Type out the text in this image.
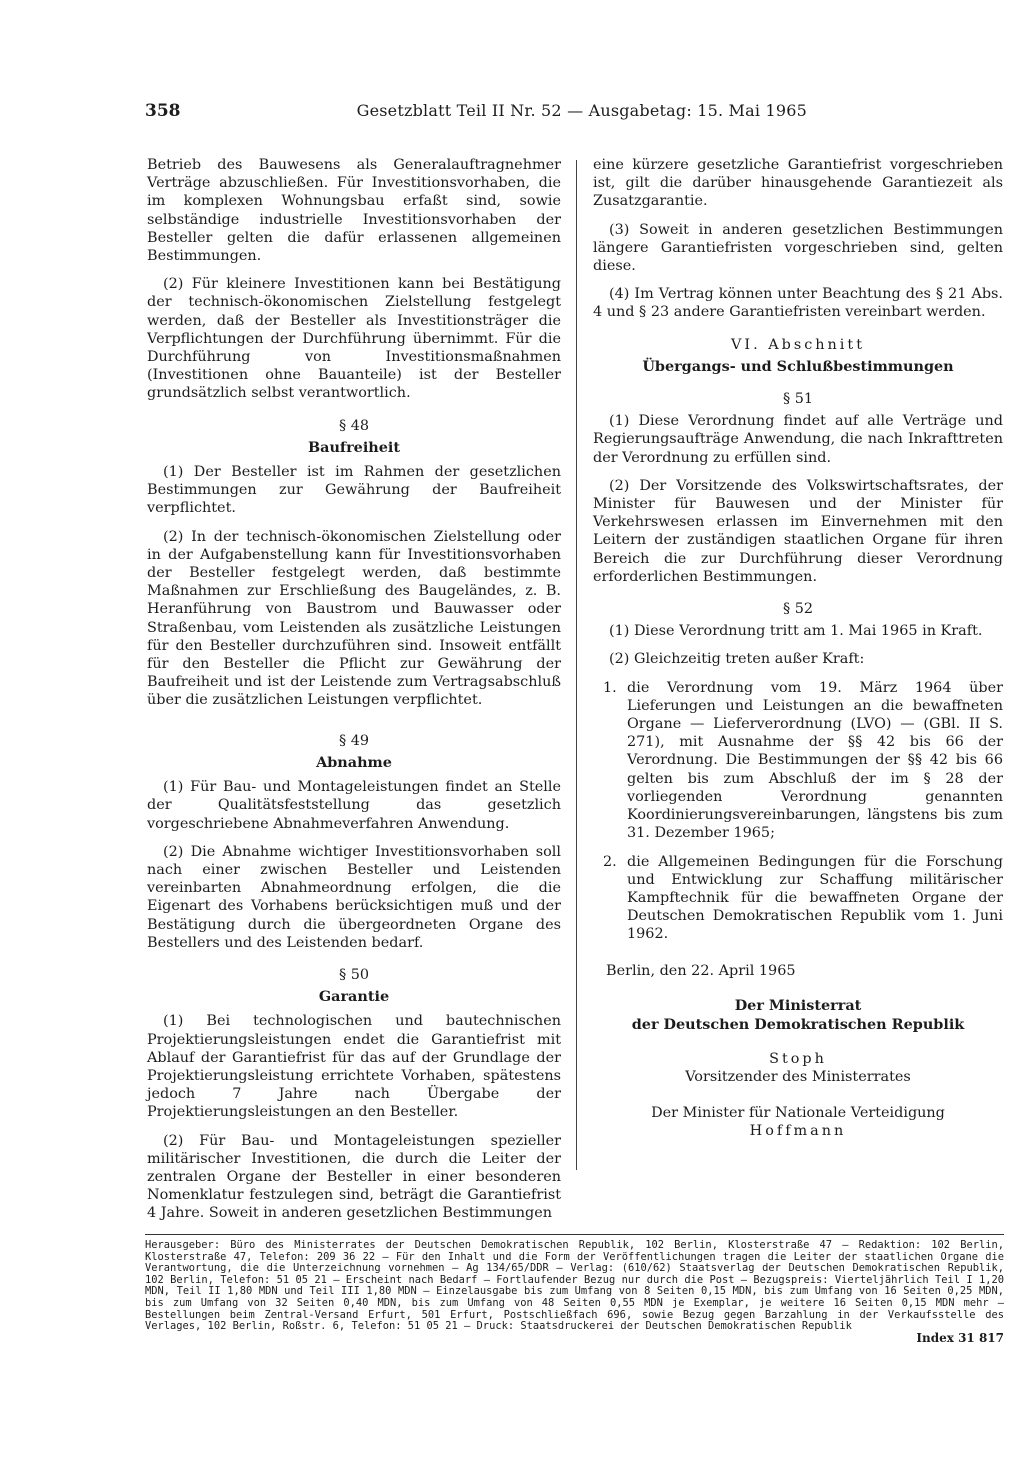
358	Gesetzblatt Teil II Nr. 52 — Ausgabetag: 15. Mai 1965

Betrieb des Bauwesens als Generalauftragnehmer Verträge abzuschließen. Für Investitionsvorhaben, die im komplexen Wohnungsbau erfaßt sind, sowie selbständige industrielle Investitionsvorhaben der Besteller gelten die dafür erlassenen allgemeinen Bestimmungen.

(2) Für kleinere Investitionen kann bei Bestätigung der technisch-ökonomischen Zielstellung festgelegt werden, daß der Besteller als Investitionsträger die Verpflichtungen der Durchführung übernimmt. Für die Durchführung von Investitionsmaßnahmen (Investitionen ohne Bauanteile) ist der Besteller grundsätzlich selbst verantwortlich.

§ 48
Baufreiheit

(1) Der Besteller ist im Rahmen der gesetzlichen Bestimmungen zur Gewährung der Baufreiheit verpflichtet.

(2) In der technisch-ökonomischen Zielstellung oder in der Aufgabenstellung kann für Investitionsvorhaben der Besteller festgelegt werden, daß bestimmte Maßnahmen zur Erschließung des Baugeländes, z. B. Heranführung von Baustrom und Bauwasser oder Straßenbau, vom Leistenden als zusätzliche Leistungen für den Besteller durchzuführen sind. Insoweit entfällt für den Besteller die Pflicht zur Gewährung der Baufreiheit und ist der Leistende zum Vertragsabschluß über die zusätzlichen Leistungen verpflichtet.

§ 49
Abnahme

(1) Für Bau- und Montageleistungen findet an Stelle der Qualitätsfeststellung das gesetzlich vorgeschriebene Abnahmeverfahren Anwendung.

(2) Die Abnahme wichtiger Investitionsvorhaben soll nach einer zwischen Besteller und Leistenden vereinbarten Abnahmeordnung erfolgen, die die Eigenart des Vorhabens berücksichtigen muß und der Bestätigung durch die übergeordneten Organe des Bestellers und des Leistenden bedarf.

§ 50
Garantie

(1) Bei technologischen und bautechnischen Projektierungsleistungen endet die Garantiefrist mit Ablauf der Garantiefrist für das auf der Grundlage der Projektierungsleistung errichtete Vorhaben, spätestens jedoch 7 Jahre nach Übergabe der Projektierungsleistungen an den Besteller.

(2) Für Bau- und Montageleistungen spezieller militärischer Investitionen, die durch die Leiter der zentralen Organe der Besteller in einer besonderen Nomenklatur festzulegen sind, beträgt die Garantiefrist 4 Jahre. Soweit in anderen gesetzlichen Bestimmungen

eine kürzere gesetzliche Garantiefrist vorgeschrieben ist, gilt die darüber hinausgehende Garantiezeit als Zusatzgarantie.

(3) Soweit in anderen gesetzlichen Bestimmungen längere Garantiefristen vorgeschrieben sind, gelten diese.

(4) Im Vertrag können unter Beachtung des § 21 Abs. 4 und § 23 andere Garantiefristen vereinbart werden.

VI. Abschnitt
Übergangs- und Schlußbestimmungen
§ 51

(1) Diese Verordnung findet auf alle Verträge und Regierungsaufträge Anwendung, die nach Inkrafttreten der Verordnung zu erfüllen sind.

(2) Der Vorsitzende des Volkswirtschaftsrates, der Minister für Bauwesen und der Minister für Verkehrswesen erlassen im Einvernehmen mit den Leitern der zuständigen staatlichen Organe für ihren Bereich die zur Durchführung dieser Verordnung erforderlichen Bestimmungen.

§ 52

(1) Diese Verordnung tritt am 1. Mai 1965 in Kraft.

(2) Gleichzeitig treten außer Kraft:

1. die Verordnung vom 19. März 1964 über Lieferungen und Leistungen an die bewaffneten Organe — Lieferverordnung (LVO) — (GBl. II S. 271), mit Ausnahme der §§ 42 bis 66 der Verordnung. Die Bestimmungen der §§ 42 bis 66 gelten bis zum Abschluß der im § 28 der vorliegenden Verordnung genannten Koordinierungsvereinbarungen, längstens bis zum 31. Dezember 1965;
2. die Allgemeinen Bedingungen für die Forschung und Entwicklung zur Schaffung militärischer Kampftechnik für die bewaffneten Organe der Deutschen Demokratischen Republik vom 1. Juni 1962.

Berlin, den 22. April 1965

Der Ministerrat

der Deutschen Demokratischen Republik

Stoph

Vorsitzender des Ministerrates

Der Minister für Nationale Verteidigung

Hoffmann

Herausgeber: Büro des Ministerrates der Deutschen Demokratischen Republik, 102 Berlin, Klosterstraße 47 — Redaktion: 102 Berlin, Klosterstraße 47, Telefon: 209 36 22 — Für den Inhalt und die Form der Veröffentlichungen tragen die Leiter der staatlichen Organe die Verantwortung, die die Unterzeichnung vornehmen — Ag 134/65/DDR — Verlag: (610/62) Staatsverlag der Deutschen Demokratischen Republik, 102 Berlin, Telefon: 51 05 21 — Erscheint nach Bedarf — Fortlaufender Bezug nur durch die Post — Bezugspreis: Vierteljährlich Teil I 1,20 MDN, Teil II 1,80 MDN und Teil III 1,80 MDN — Einzelausgabe bis zum Umfang von 8 Seiten 0,15 MDN, bis zum Umfang von 16 Seiten 0,25 MDN, bis zum Umfang von 32 Seiten 0,40 MDN, bis zum Umfang von 48 Seiten 0,55 MDN je Exemplar, je weitere 16 Seiten 0,15 MDN mehr — Bestellungen beim Zentral-Versand Erfurt, 501 Erfurt, Postschließfach 696, sowie Bezug gegen Barzahlung in der Verkaufsstelle des Verlages, 102 Berlin, Roßstr. 6, Telefon: 51 05 21 — Druck: Staatsdruckerei der Deutschen Demokratischen Republik
Index 31 817
